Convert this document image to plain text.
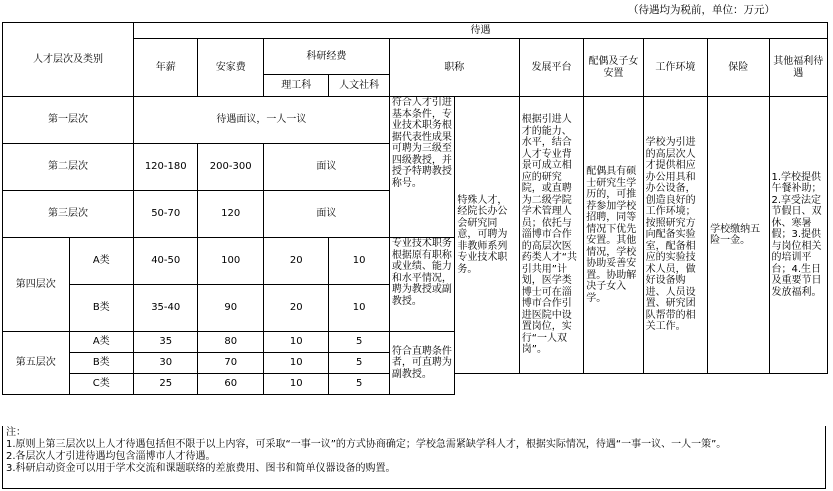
（待遇均为税前，单位：万元）
人才层次及类别		待遇										
		年薪	安家费	科研经费		职称		发展平台	配偶及子女安置	工作环境	保险	其他福利待遇
				理工科	人文社科							
第一层次		待遇面议，一人一议				符合人才引进基本条件，专业技术职务根据代表性成果可聘为三级至四级教授，并授予特聘教授称号。	特殊人才，经院长办公会研究同意，可聘为非教师系列专业技术职务。	根据引进人才的能力、水平，结合人才专业背景可成立相应的研究院，或直聘为二级学院学术管理人员；依托与淄博市合作的高层次医药类人才“共引共用”计划，医学类博士可在淄博市合作引进医院中设置岗位，实行“一人双岗”。	配偶具有硕士研究生学历的，可推荐参加学校招聘，同等情况下优先安置。其他情况，学校协助妥善安置。协助解决子女入学。	学校为引进的高层次人才提供相应办公用具和办公设备，创造良好的工作环境；按照研究方向配备实验室，配备相应的实验技术人员，做好设备购进、人员设置、研究团队帮带的相关工作。	学校缴纳五险一金。	1.学校提供午餐补助；2.享受法定节假日、双休、寒暑假；3.提供与岗位相关的培训平台；4.生日及重要节日发放福利。
第二层次		120-180	200-300	面议								
第三层次		50-70	120	面议								
第四层次	A类	40-50	100	20	10	专业技术职务根据原有职称或业绩、能力和水平情况，聘为教授或副教授。						
	B类	35-40	90	20	10							
第五层次	A类	35	80	10	5	符合直聘条件者，可直聘为副教授。						
	B类	30	70	10	5							
	C类	25	60	10	5							
注：
1.原则上第三层次以上人才待遇包括但不限于以上内容，可采取“一事一议”的方式协商确定；学校急需紧缺学科人才，根据实际情况，待遇“一事一议、一人一策”。
2.各层次人才引进待遇均包含淄博市人才待遇。
3.科研启动资金可以用于学术交流和课题联络的差旅费用、图书和简单仪器设备的购置。
